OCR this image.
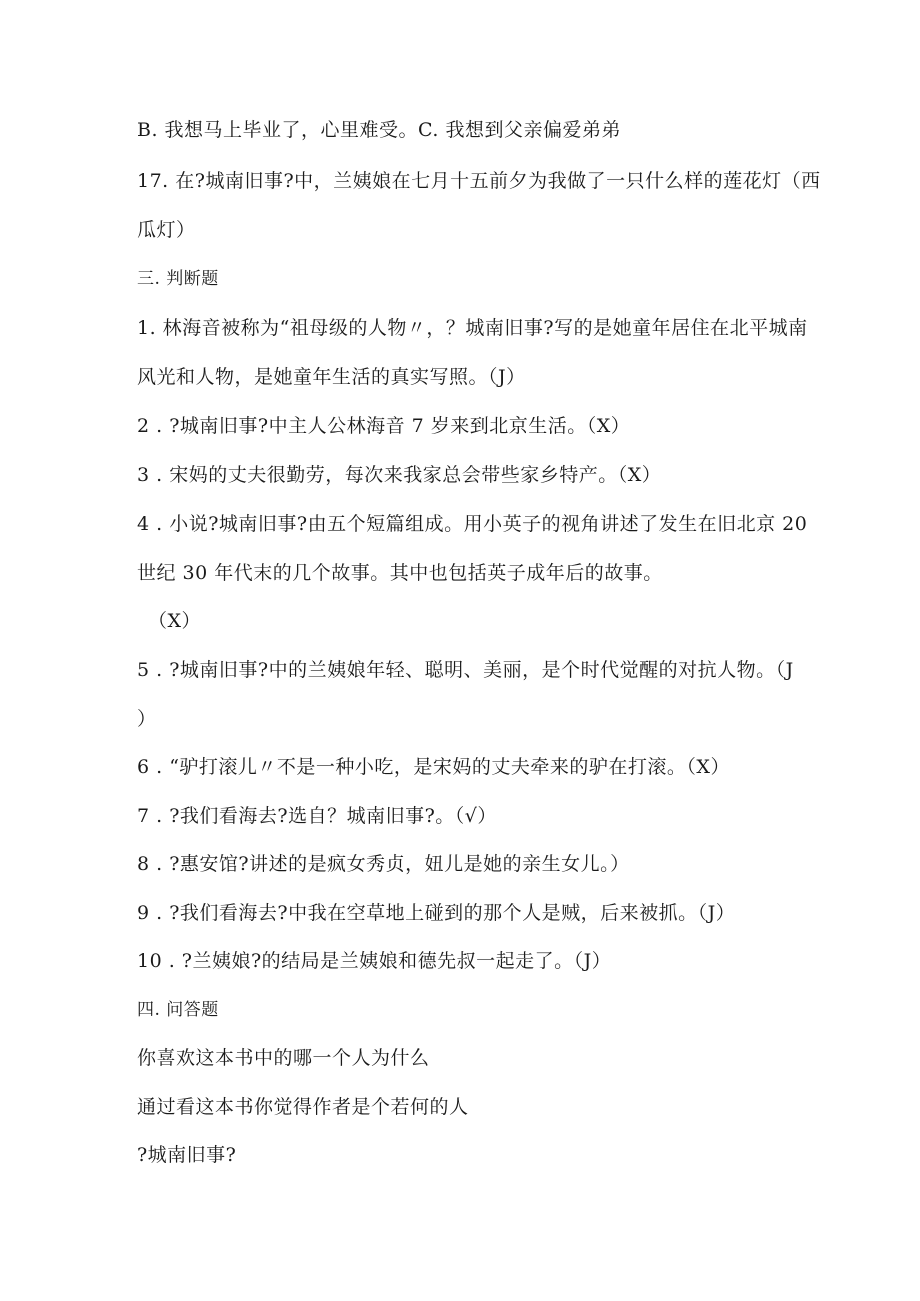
B. 我想马上毕业了，心里难受。C. 我想到父亲偏爱弟弟
17. 在?城南旧事?中，兰姨娘在七月十五前夕为我做了一只什么样的莲花灯（西
瓜灯）
三. 判断题
1. 林海音被称为“祖母级的人物〃，？城南旧事?写的是她童年居住在北平城南
风光和人物，是她童年生活的真实写照。（J）
2 . ?城南旧事?中主人公林海音 7 岁来到北京生活。（X）
3 . 宋妈的丈夫很勤劳，每次来我家总会带些家乡特产。（X）
4 . 小说?城南旧事?由五个短篇组成。用小英子的视角讲述了发生在旧北京 20
世纪 30 年代末的几个故事。其中也包括英子成年后的故事。
（X）
5 . ?城南旧事?中的兰姨娘年轻、聪明、美丽，是个时代觉醒的对抗人物。（J
）
6 . “驴打滚儿〃不是一种小吃，是宋妈的丈夫牵来的驴在打滚。（X）
7 . ?我们看海去?选自？城南旧事?。（√）
8 . ?惠安馆?讲述的是疯女秀贞，妞儿是她的亲生女儿。）
9 . ?我们看海去?中我在空草地上碰到的那个人是贼，后来被抓。（J）
10 . ?兰姨娘?的结局是兰姨娘和德先叔一起走了。（J）
四. 问答题
你喜欢这本书中的哪一个人为什么
通过看这本书你觉得作者是个若何的人
?城南旧事?
